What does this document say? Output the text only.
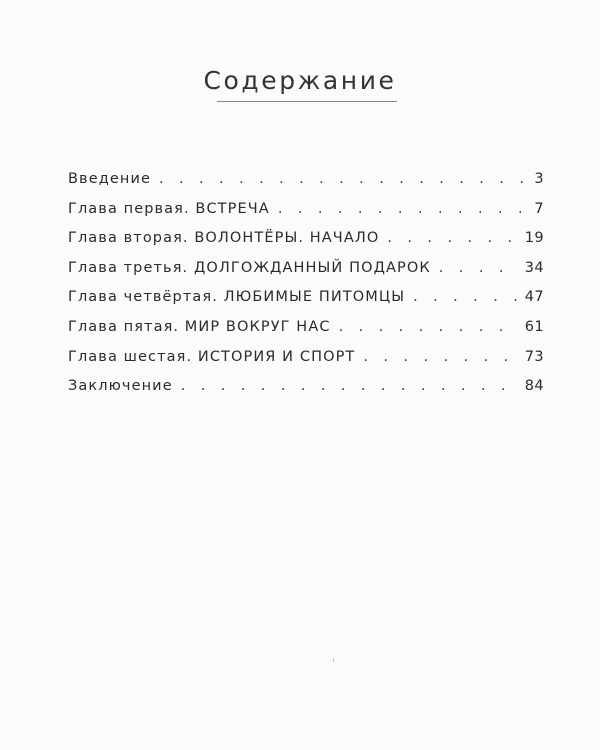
Содержание
Введение . . .	3
Глава первая. ВСТРЕЧА . . .	7
Глава вторая. ВОЛОНТЁРЫ. НАЧАЛО . . .	19
Глава третья. ДОЛГОЖДАННЫЙ ПОДАРОК . . .	34
Глава четвёртая. ЛЮБИМЫЕ ПИТОМЦЫ . . .	47
Глава пятая. МИР ВОКРУГ НАС . . .	61
Глава шестая. ИСТОРИЯ И СПОРТ . . .	73
Заключение . . .	84
